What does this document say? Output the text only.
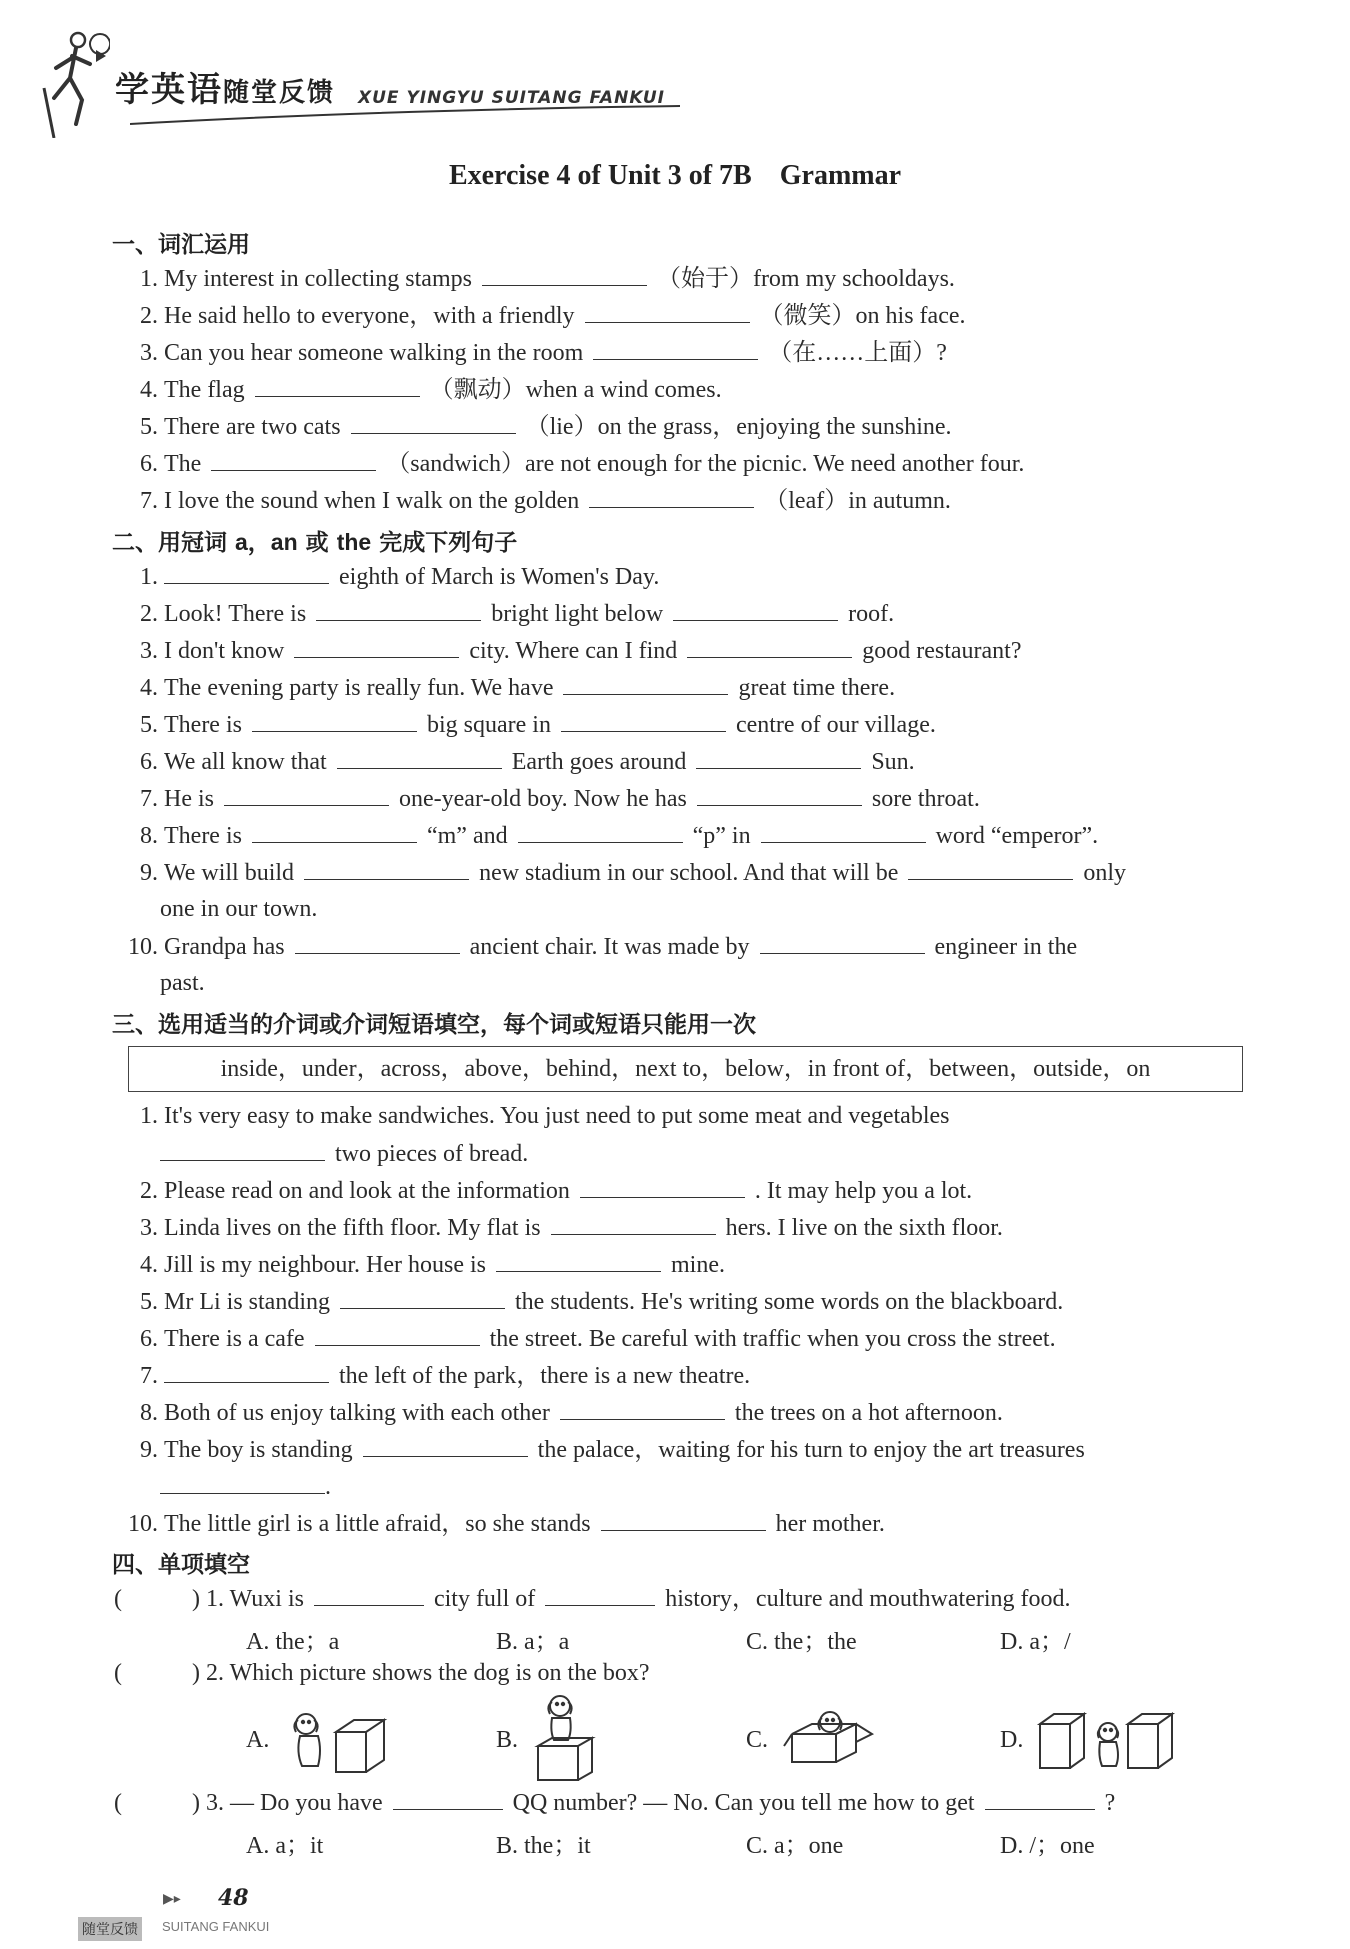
学英语随堂反馈 XUE YINGYU SUITANG FANKUI
Exercise 4 of Unit 3 of 7B Grammar
一、词汇运用
1. My interest in collecting stamps	（始于）from my schooldays.
2. He said hello to everyone，with a friendly	（微笑）on his face.
3. Can you hear someone walking in the room	（在……上面）?
4. The flag	（飘动）when a wind comes.
5. There are two cats	（lie）on the grass，enjoying the sunshine.
6. The	（sandwich）are not enough for the picnic. We need another four.
7. I love the sound when I walk on the golden	（leaf）in autumn.
二、用冠词 a，an 或 the 完成下列句子
1.	eighth of March is Women's Day.
2. Look! There is	bright light below	roof.
3. I don't know	city. Where can I find	good restaurant?
4. The evening party is really fun. We have	great time there.
5. There is	big square in	centre of our village.
6. We all know that	Earth goes around	Sun.
7. He is	one-year-old boy. Now he has	sore throat.
8. There is	“m” and	“p” in	word “emperor”.
9. We will build	new stadium in our school. And that will be	only
one in our town.
10. Grandpa has	ancient chair. It was made by	engineer in the
past.
三、选用适当的介词或介词短语填空，每个词或短语只能用一次
inside，under，across，above，behind，next to，below，in front of，between，outside，on
1. It's very easy to make sandwiches. You just need to put some meat and vegetables
two pieces of bread.
2. Please read on and look at the information	. It may help you a lot.
3. Linda lives on the fifth floor. My flat is	hers. I live on the sixth floor.
4. Jill is my neighbour. Her house is	mine.
5. Mr Li is standing	the students. He's writing some words on the blackboard.
6. There is a cafe	the street. Be careful with traffic when you cross the street.
7.	the left of the park，there is a new theatre.
8. Both of us enjoy talking with each other	the trees on a hot afternoon.
9. The boy is standing	the palace，waiting for his turn to enjoy the art treasures
.
10. The little girl is a little afraid，so she stands	her mother.
四、单项填空
(	) 1. Wuxi is	city full of	history，culture and mouthwatering food.
A. the；a	B. a；a	C. the；the	D. a；/
(	) 2. Which picture shows the dog is on the box?
A.	B.	C.	D.
(	) 3. — Do you have	QQ number? — No. Can you tell me how to get	?
A. a；it	B. the；it	C. a；one	D. /；one
▶▸ 48
随堂反馈	SUITANG FANKUI
